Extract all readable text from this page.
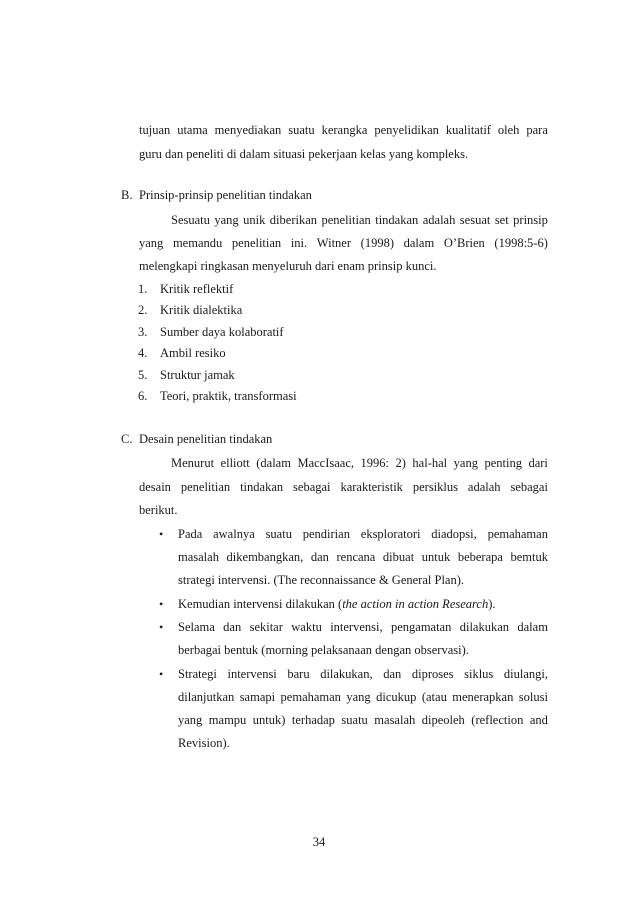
tujuan utama menyediakan suatu kerangka penyelidikan kualitatif oleh para
guru dan peneliti di dalam situasi pekerjaan kelas yang kompleks.
B. Prinsip-prinsip penelitian tindakan
Sesuatu yang unik diberikan penelitian tindakan adalah sesuat set prinsip
yang memandu penelitian ini. Witner (1998) dalam O’Brien (1998:5-6)
melengkapi ringkasan menyeluruh dari enam prinsip kunci.
1. Kritik reflektif
2. Kritik dialektika
3. Sumber daya kolaboratif
4. Ambil resiko
5. Struktur jamak
6. Teori, praktik, transformasi
C. Desain penelitian tindakan
Menurut elliott (dalam MaccIsaac, 1996: 2) hal-hal yang penting dari
desain penelitian tindakan sebagai karakteristik persiklus adalah sebagai
berikut.
• Pada awalnya suatu pendirian eksploratori diadopsi, pemahaman
masalah dikembangkan, dan rencana dibuat untuk beberapa bemtuk
strategi intervensi. (The reconnaissance & General Plan).
• Kemudian intervensi dilakukan (the action in action Research).
• Selama dan sekitar waktu intervensi, pengamatan dilakukan dalam
berbagai bentuk (morning pelaksanaan dengan observasi).
• Strategi intervensi baru dilakukan, dan diproses siklus diulangi,
dilanjutkan samapi pemahaman yang dicukup (atau menerapkan solusi
yang mampu untuk) terhadap suatu masalah dipeoleh (reflection and
Revision).
34
